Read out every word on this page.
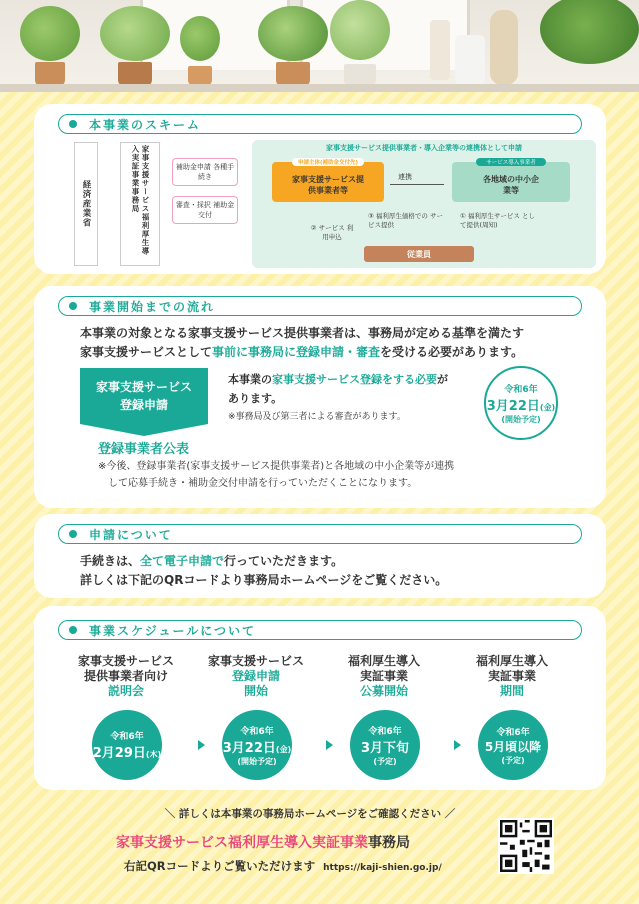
本事業のスキーム
経済産業省	家事支援サービス福利厚生導入実証事業事務局	補助金申請 各種手続き
審査・採択 補助金交付
家事支援サービス提供事業者・導入企業等の連携体として申請
申請主体(補助金交付先)
家事支援サービス提供事業者等
連携
サービス導入事業者
各地域の中小企業等
③ 福利厚生価格での サービス提供
① 福利厚生サービス として提供(周知)
② サービス 利用申込
従業員
事業開始までの流れ
本事業の対象となる家事支援サービス提供事業者は、事務局が定める基準を満たす
家事支援サービスとして事前に事務局に登録申請・審査を受ける必要があります。
家事支援サービス
登録申請
本事業の家事支援サービス登録をする必要が
あります。
※事務局及び第三者による審査があります。
令和6年
3月22日(金)
(開始予定)
登録事業者公表
※今後、登録事業者(家事支援サービス提供事業者)と各地域の中小企業等が連携
して応募手続き・補助金交付申請を行っていただくことになります。
申請について
手続きは、全て電子申請で行っていただきます。
詳しくは下記のQRコードより事務局ホームページをご覧ください。
事業スケジュールについて
家事支援サービス
提供事業者向け
説明会
家事支援サービス
登録申請
開始
福利厚生導入
実証事業
公募開始
福利厚生導入
実証事業
期間
令和6年
2月29日(木)
令和6年
3月22日(金)
(開始予定)
令和6年
3月下旬
(予定)
令和6年
5月頃以降
(予定)
＼ 詳しくは本事業の事務局ホームページをご確認ください ／
家事支援サービス福利厚生導入実証事業事務局
右記QRコードよりご覧いただけます https://kaji-shien.go.jp/
